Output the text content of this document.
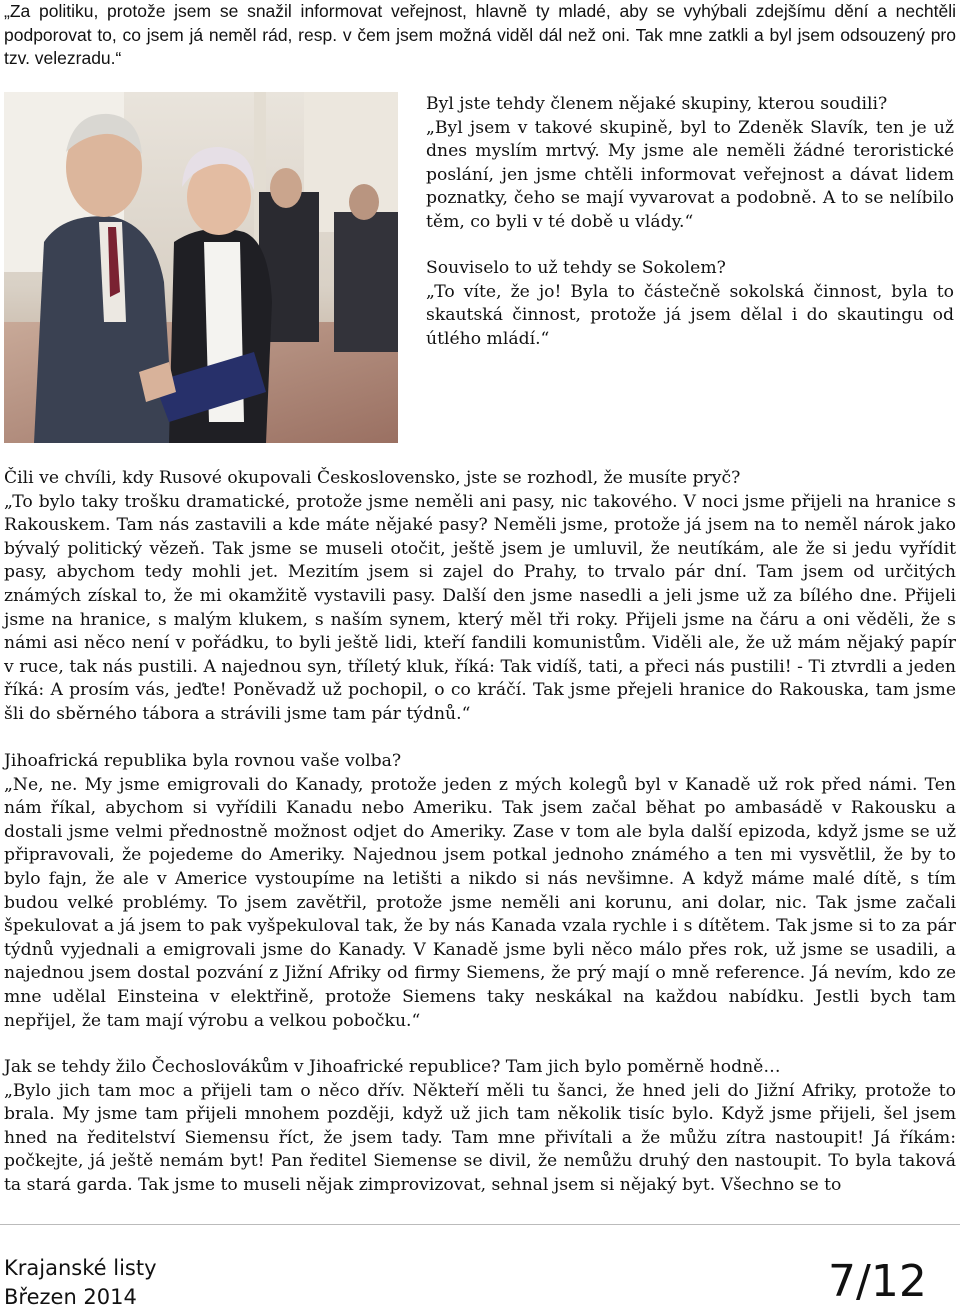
„Za politiku, protože jsem se snažil informovat veřejnost, hlavně ty mladé, aby se vyhýbali zdejšímu dění a nechtěli podporovat to, co jsem já neměl rád, resp. v čem jsem možná viděl dál než oni. Tak mne zatkli a byl jsem odsouzený pro tzv. velezradu.“

Byl jste tehdy členem nějaké skupiny, kterou soudili?
„Byl jsem v takové skupině, byl to Zdeněk Slavík, ten je už dnes myslím mrtvý. My jsme ale neměli žádné teroristické poslání, jen jsme chtěli informovat veřejnost a dávat lidem poznatky, čeho se mají vyvarovat a podobně. A to se nelíbilo těm, co byli v té době u vlády.“
Souviselo to už tehdy se Sokolem?
„To víte, že jo! Byla to částečně sokolská činnost, byla to skautská činnost, protože já jsem dělal i do skautingu od útlého mládí.“
Čili ve chvíli, kdy Rusové okupovali Československo, jste se rozhodl, že musíte pryč?
„To bylo taky trošku dramatické, protože jsme neměli ani pasy, nic takového. V noci jsme přijeli na hranice s Rakouskem. Tam nás zastavili a kde máte nějaké pasy? Neměli jsme, protože já jsem na to neměl nárok jako bývalý politický vězeň. Tak jsme se museli otočit, ještě jsem je umluvil, že neutíkám, ale že si jedu vyřídit pasy, abychom tedy mohli jet. Mezitím jsem si zajel do Prahy, to trvalo pár dní. Tam jsem od určitých známých získal to, že mi okamžitě vystavili pasy. Další den jsme nasedli a jeli jsme už za bílého dne. Přijeli jsme na hranice, s malým klukem, s naším synem, který měl tři roky. Přijeli jsme na čáru a oni věděli, že s námi asi něco není v pořádku, to byli ještě lidi, kteří fandili komunistům. Viděli ale, že už mám nějaký papír v ruce, tak nás pustili. A najednou syn, tříletý kluk, říká: Tak vidíš, tati, a přeci nás pustili! - Ti ztvrdli a jeden říká: A prosím vás, jeďte! Poněvadž už pochopil, o co kráčí. Tak jsme přejeli hranice do Rakouska, tam jsme šli do sběrného tábora a strávili jsme tam pár týdnů.“
Jihoafrická republika byla rovnou vaše volba?
„Ne, ne. My jsme emigrovali do Kanady, protože jeden z mých kolegů byl v Kanadě už rok před námi. Ten nám říkal, abychom si vyřídili Kanadu nebo Ameriku. Tak jsem začal běhat po ambasádě v Rakousku a dostali jsme velmi přednostně možnost odjet do Ameriky. Zase v tom ale byla další epizoda, když jsme se už připravovali, že pojedeme do Ameriky. Najednou jsem potkal jednoho známého a ten mi vysvětlil, že by to bylo fajn, že ale v Americe vystoupíme na letišti a nikdo si nás nevšimne. A když máme malé dítě, s tím budou velké problémy. To jsem zavětřil, protože jsme neměli ani korunu, ani dolar, nic. Tak jsme začali špekulovat a já jsem to pak vyšpekuloval tak, že by nás Kanada vzala rychle i s dítětem. Tak jsme si to za pár týdnů vyjednali a emigrovali jsme do Kanady. V Kanadě jsme byli něco málo přes rok, už jsme se usadili, a najednou jsem dostal pozvání z Jižní Afriky od firmy Siemens, že prý mají o mně reference. Já nevím, kdo ze mne udělal Einsteina v elektřině, protože Siemens taky neskákal na každou nabídku. Jestli bych tam nepřijel, že tam mají výrobu a velkou pobočku.“
Jak se tehdy žilo Čechoslovákům v Jihoafrické republice? Tam jich bylo poměrně hodně…
„Bylo jich tam moc a přijeli tam o něco dřív. Někteří měli tu šanci, že hned jeli do Jižní Afriky, protože to brala. My jsme tam přijeli mnohem později, když už jich tam několik tisíc bylo. Když jsme přijeli, šel jsem hned na ředitelství Siemensu říct, že jsem tady. Tam mne přivítali a že můžu zítra nastoupit! Já říkám: počkejte, já ještě nemám byt! Pan ředitel Siemense se divil, že nemůžu druhý den nastoupit. To byla taková ta stará garda. Tak jsme to museli nějak zimprovizovat, sehnal jsem si nějaký byt. Všechno se to
Krajanské listy
Březen 2014	7/12
